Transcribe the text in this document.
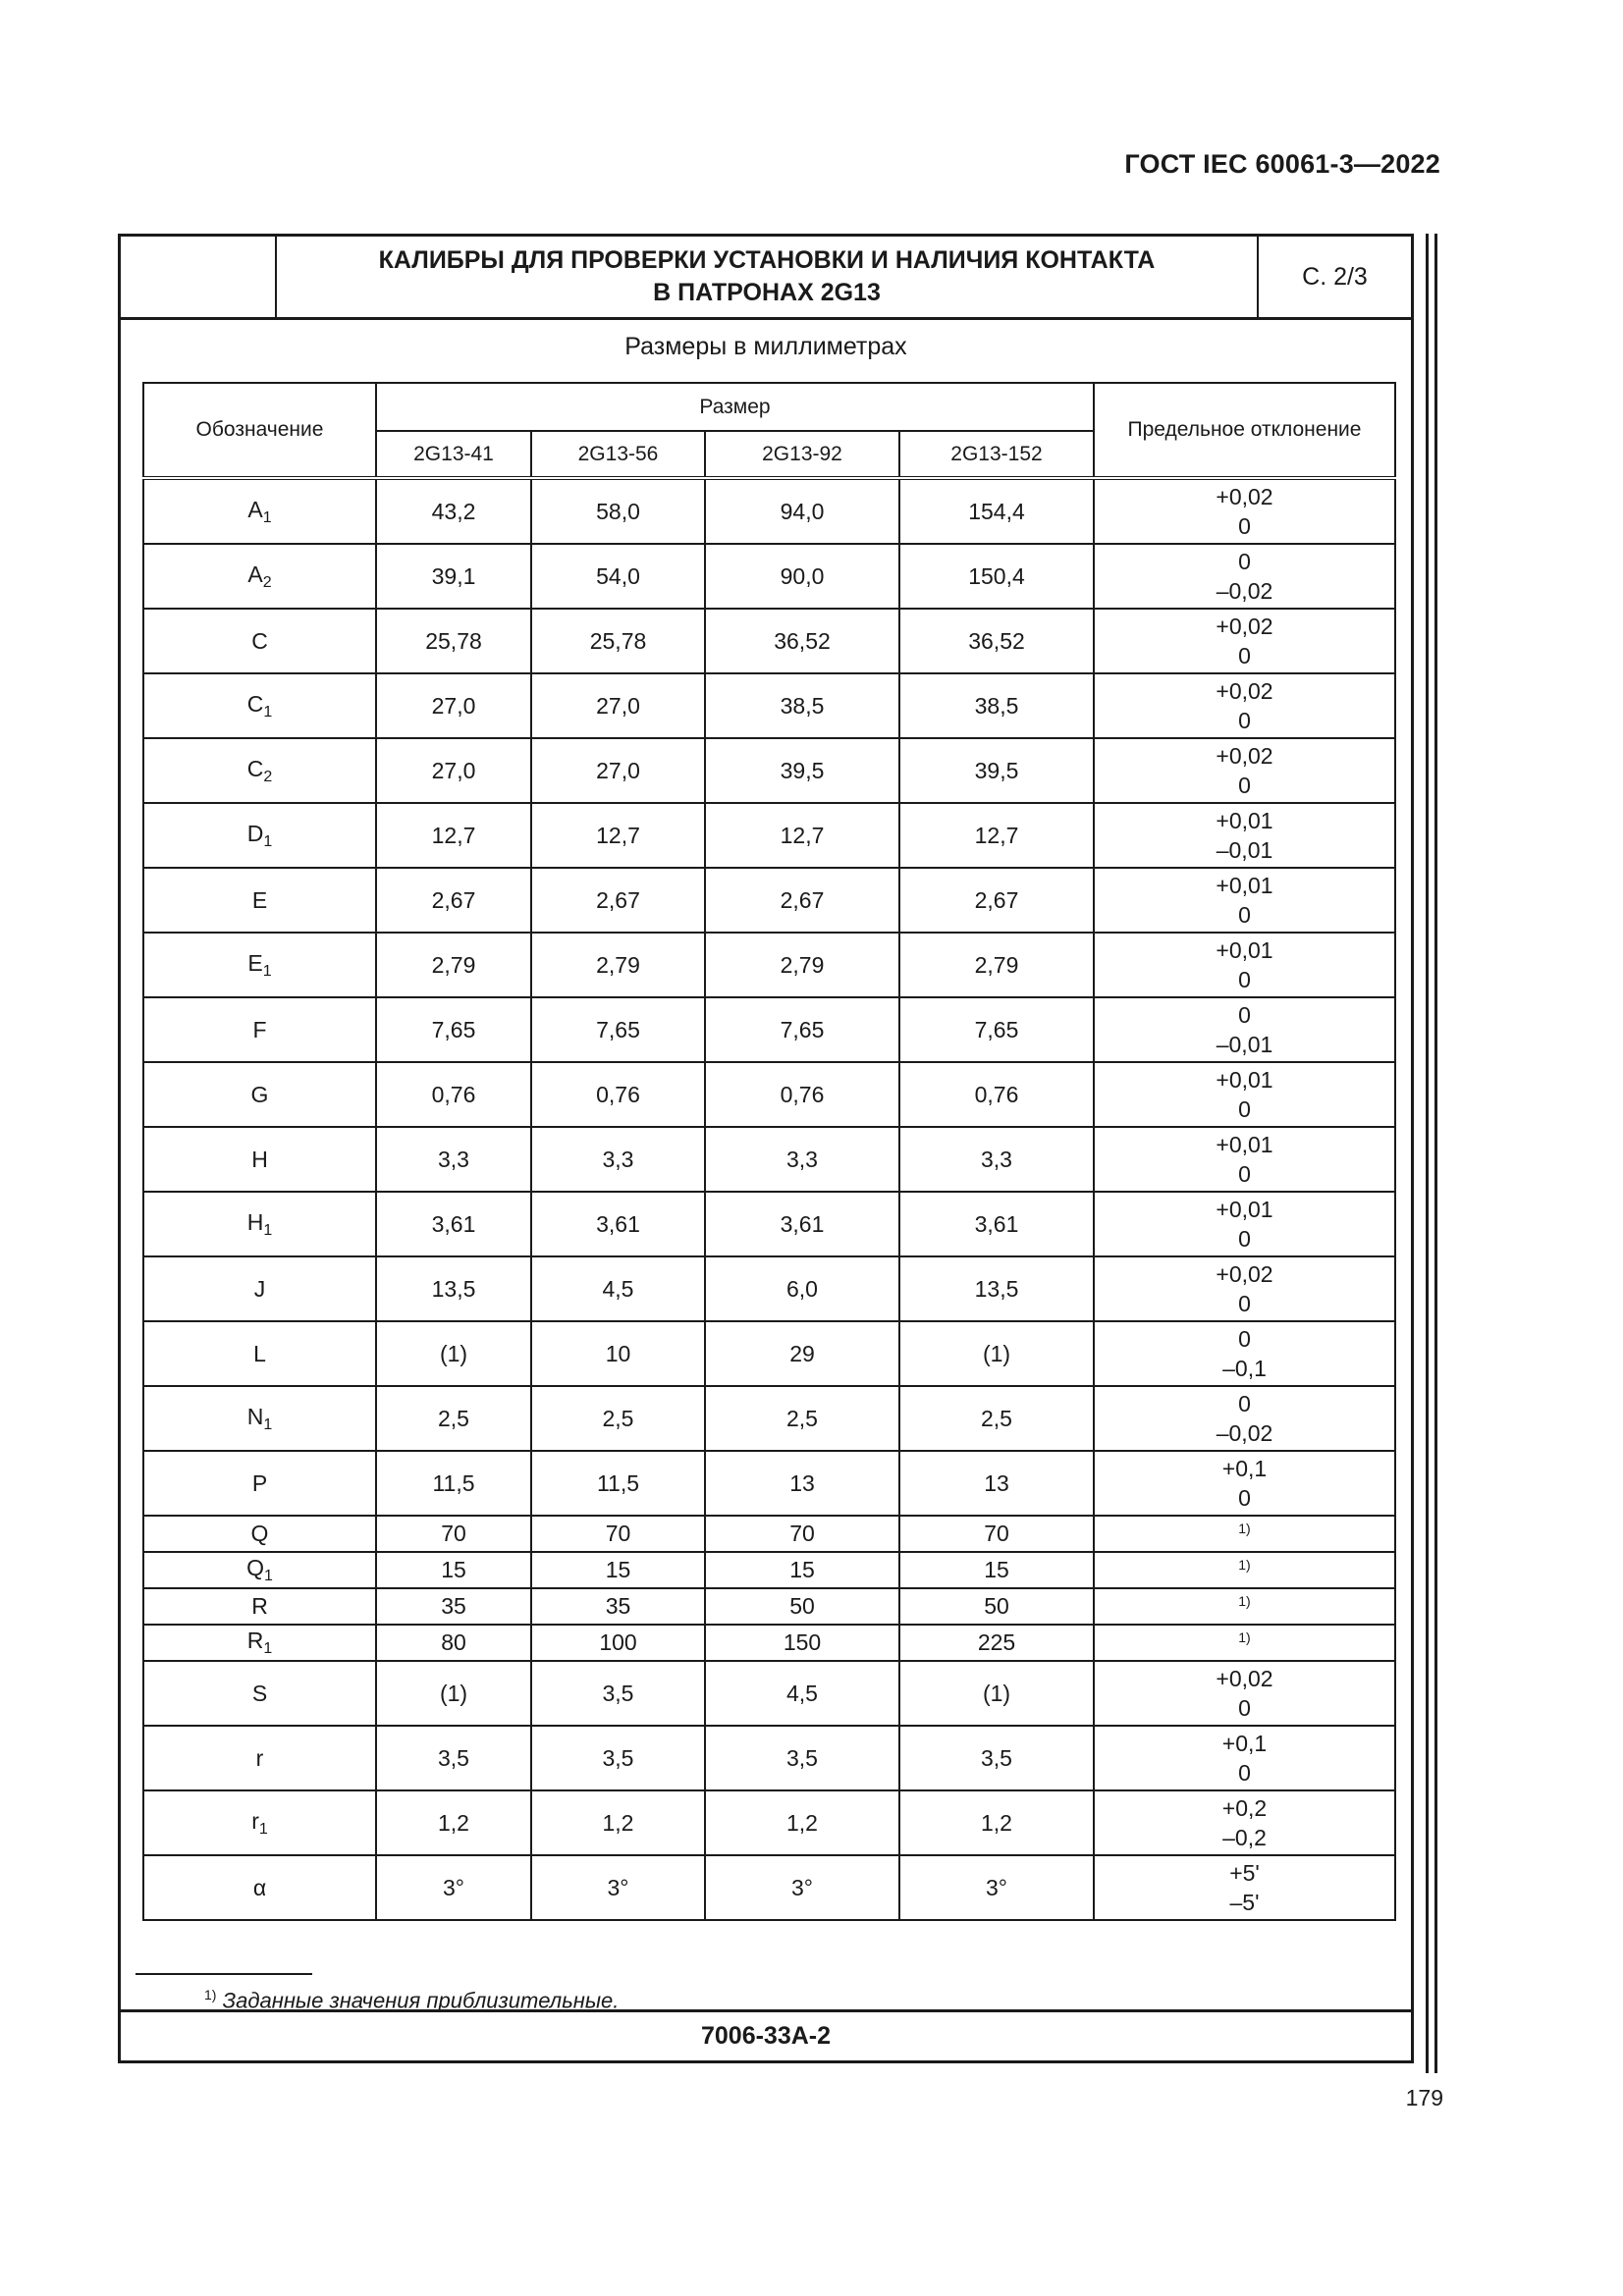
ГОСТ IEC 60061-3—2022
КАЛИБРЫ ДЛЯ ПРОВЕРКИ УСТАНОВКИ И НАЛИЧИЯ КОНТАКТА
В ПАТРОНАХ 2G13
С. 2/3
Размеры в миллиметрах
Обозначение	Размер				Предельное отклонение
	2G13-41	2G13-56	2G13-92	2G13-152	
$A_1$	43,2	58,0	94,0	154,4	+0,02
0

$A_2$	39,1	54,0	90,0	150,4	0
–0,02

C	25,78	25,78	36,52	36,52	+0,02
0

$C_1$	27,0	27,0	38,5	38,5	+0,02
0

$C_2$	27,0	27,0	39,5	39,5	+0,02
0

$D_1$	12,7	12,7	12,7	12,7	+0,01
–0,01

E	2,67	2,67	2,67	2,67	+0,01
0

$E_1$	2,79	2,79	2,79	2,79	+0,01
0

F	7,65	7,65	7,65	7,65	0
–0,01

G	0,76	0,76	0,76	0,76	+0,01
0

H	3,3	3,3	3,3	3,3	+0,01
0

$H_1$	3,61	3,61	3,61	3,61	+0,01
0

J	13,5	4,5	6,0	13,5	+0,02
0

L	(1)	10	29	(1)	0
–0,1

$N_1$	2,5	2,5	2,5	2,5	0
–0,02

P	11,5	11,5	13	13	+0,1
0

Q	70	70	70	70	$^{1)}$
$Q_1$	15	15	15	15	$^{1)}$
R	35	35	50	50	$^{1)}$
$R_1$	80	100	150	225	$^{1)}$
S	(1)	3,5	4,5	(1)	+0,02
0

r	3,5	3,5	3,5	3,5	+0,1
0

$r_1$	1,2	1,2	1,2	1,2	+0,2
–0,2

α	3°	3°	3°	3°	+5'
–5'
$^{1)}$ Заданные значения приблизительные.
7006-33A-2
179
